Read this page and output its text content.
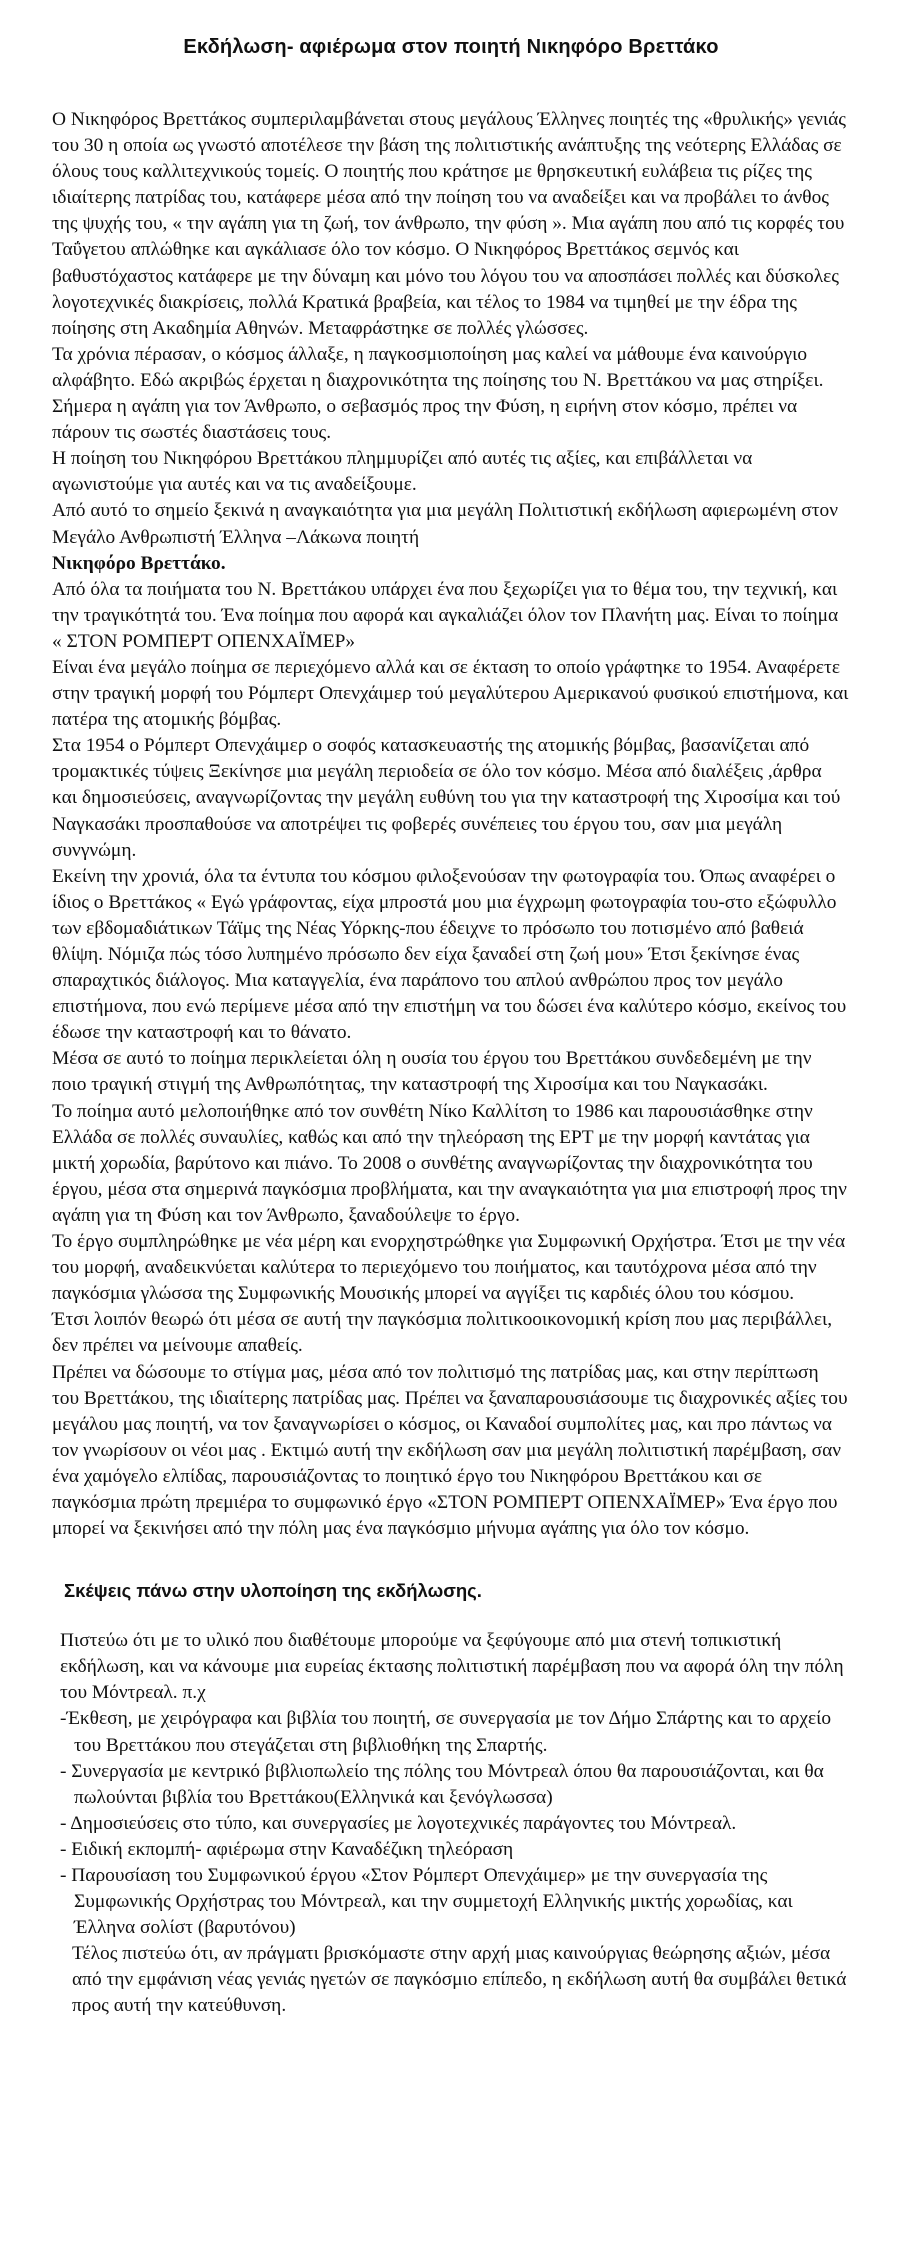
Εκδήλωση- αφιέρωμα στον ποιητή Νικηφόρο Βρεττάκο

Ο Νικηφόρος Βρεττάκος συμπεριλαμβάνεται στους μεγάλους Έλληνες ποιητές της «θρυλικής» γενιάς του 30 η οποία ως γνωστό αποτέλεσε την βάση της πολιτιστικής ανάπτυξης της νεότερης Ελλάδας σε όλους τους καλλιτεχνικούς τομείς. Ο ποιητής που κράτησε με θρησκευτική ευλάβεια τις ρίζες της ιδιαίτερης πατρίδας του, κατάφερε μέσα από την ποίηση του να αναδείξει και να προβάλει το άνθος της ψυχής του, « την αγάπη για τη ζωή, τον άνθρωπο, την φύση ». Μια αγάπη που από τις κορφές του Ταΰγετου απλώθηκε και αγκάλιασε όλο τον κόσμο. Ο Νικηφόρος Βρεττάκος σεμνός και βαθυστόχαστος κατάφερε με την δύναμη και μόνο του λόγου του να αποσπάσει πολλές και δύσκολες λογοτεχνικές διακρίσεις, πολλά Κρατικά βραβεία, και τέλος το 1984 να τιμηθεί με την έδρα της ποίησης στη Ακαδημία Αθηνών. Μεταφράστηκε σε πολλές γλώσσες.

Τα χρόνια πέρασαν, ο κόσμος άλλαξε, η παγκοσμιοποίηση μας καλεί να μάθουμε ένα καινούργιο αλφάβητο. Εδώ ακριβώς έρχεται η διαχρονικότητα της ποίησης του Ν. Βρεττάκου να μας στηρίξει. Σήμερα η αγάπη για τον Άνθρωπο, ο σεβασμός προς την Φύση, η ειρήνη στον κόσμο, πρέπει να πάρουν τις σωστές διαστάσεις τους.

Η ποίηση του Νικηφόρου Βρεττάκου πλημμυρίζει από αυτές τις αξίες, και επιβάλλεται να αγωνιστούμε για αυτές και να τις αναδείξουμε.

Από αυτό το σημείο ξεκινά η αναγκαιότητα για μια μεγάλη Πολιτιστική εκδήλωση αφιερωμένη στον Μεγάλο Ανθρωπιστή Έλληνα –Λάκωνα ποιητή

Νικηφόρο Βρεττάκο.

Από όλα τα ποιήματα του Ν. Βρεττάκου υπάρχει ένα που ξεχωρίζει για το θέμα του, την τεχνική, και την τραγικότητά του. Ένα ποίημα που αφορά και αγκαλιάζει όλον τον Πλανήτη μας. Είναι το ποίημα « ΣΤΟΝ ΡΟΜΠΕΡΤ ΟΠΕΝΧΑΪΜΕΡ»

Είναι ένα μεγάλο ποίημα σε περιεχόμενο αλλά και σε έκταση το οποίο γράφτηκε το 1954. Αναφέρετε στην τραγική μορφή του Ρόμπερτ Οπενχάιμερ τού μεγαλύτερου Αμερικανού φυσικού επιστήμονα, και πατέρα της ατομικής βόμβας.

Στα 1954 ο Ρόμπερτ Οπενχάιμερ ο σοφός κατασκευαστής της ατομικής βόμβας, βασανίζεται από τρομακτικές τύψεις Ξεκίνησε μια μεγάλη περιοδεία σε όλο τον κόσμο. Μέσα από διαλέξεις ,άρθρα και δημοσιεύσεις, αναγνωρίζοντας την μεγάλη ευθύνη του για την καταστροφή της Χιροσίμα και τού Ναγκασάκι προσπαθούσε να αποτρέψει τις φοβερές συνέπειες του έργου του, σαν μια μεγάλη συνγνώμη.

Εκείνη την χρονιά, όλα τα έντυπα του κόσμου φιλοξενούσαν την φωτογραφία του. Όπως αναφέρει ο ίδιος ο Βρεττάκος « Εγώ γράφοντας, είχα μπροστά μου μια έγχρωμη φωτογραφία του-στο εξώφυλλο των εβδομαδιάτικων Τάϊμς της Νέας Υόρκης-που έδειχνε το πρόσωπο του ποτισμένο από βαθειά θλίψη. Νόμιζα πώς τόσο λυπημένο πρόσωπο δεν είχα ξαναδεί στη ζωή μου» Έτσι ξεκίνησε ένας σπαραχτικός διάλογος. Μια καταγγελία, ένα παράπονο του απλού ανθρώπου προς τον μεγάλο επιστήμονα, που ενώ περίμενε μέσα από την επιστήμη να του δώσει ένα καλύτερο κόσμο, εκείνος του έδωσε την καταστροφή και το θάνατο.

Μέσα σε αυτό το ποίημα περικλείεται όλη η ουσία του έργου του Βρεττάκου συνδεδεμένη με την ποιο τραγική στιγμή της Ανθρωπότητας, την καταστροφή της Χιροσίμα και του Ναγκασάκι.

Το ποίημα αυτό μελοποιήθηκε από τον συνθέτη Νίκο Καλλίτση το 1986 και παρουσιάσθηκε στην Ελλάδα σε πολλές συναυλίες, καθώς και από την τηλεόραση της ΕΡΤ με την μορφή καντάτας για μικτή χορωδία, βαρύτονο και πιάνο. Το 2008 ο συνθέτης αναγνωρίζοντας την διαχρονικότητα του έργου, μέσα στα σημερινά παγκόσμια προβλήματα, και την αναγκαιότητα για μια επιστροφή προς την αγάπη για τη Φύση και τον Άνθρωπο, ξαναδούλεψε το έργο.

Το έργο συμπληρώθηκε με νέα μέρη και ενορχηστρώθηκε για Συμφωνική Ορχήστρα. Έτσι με την νέα του μορφή, αναδεικνύεται καλύτερα το περιεχόμενο του ποιήματος, και ταυτόχρονα μέσα από την παγκόσμια γλώσσα της Συμφωνικής Μουσικής μπορεί να αγγίξει τις καρδιές όλου του κόσμου.

Έτσι λοιπόν θεωρώ ότι μέσα σε αυτή την παγκόσμια πολιτικοοικονομική κρίση που μας περιβάλλει, δεν πρέπει να μείνουμε απαθείς.

Πρέπει να δώσουμε το στίγμα μας, μέσα από τον πολιτισμό της πατρίδας μας, και στην περίπτωση του Βρεττάκου, της ιδιαίτερης πατρίδας μας. Πρέπει να ξαναπαρουσιάσουμε τις διαχρονικές αξίες του μεγάλου μας ποιητή, να τον ξαναγνωρίσει ο κόσμος, οι Καναδοί συμπολίτες μας, και προ πάντως να τον γνωρίσουν οι νέοι μας . Εκτιμώ αυτή την εκδήλωση σαν μια μεγάλη πολιτιστική παρέμβαση, σαν ένα χαμόγελο ελπίδας, παρουσιάζοντας το ποιητικό έργο του Νικηφόρου Βρεττάκου και σε παγκόσμια πρώτη πρεμιέρα το συμφωνικό έργο «ΣΤΟΝ ΡΟΜΠΕΡΤ ΟΠΕΝΧΑΪΜΕΡ» Ένα έργο που μπορεί να ξεκινήσει από την πόλη μας ένα παγκόσμιο μήνυμα αγάπης για όλο τον κόσμο.

Σκέψεις πάνω στην υλοποίηση της εκδήλωσης.

Πιστεύω ότι με το υλικό που διαθέτουμε μπορούμε να ξεφύγουμε από μια στενή τοπικιστική εκδήλωση, και να κάνουμε μια ευρείας έκτασης πολιτιστική παρέμβαση που να αφορά όλη την πόλη του Μόντρεαλ. π.χ

-Έκθεση, με χειρόγραφα και βιβλία του ποιητή, σε συνεργασία με τον Δήμο Σπάρτης και το αρχείο του Βρεττάκου που στεγάζεται στη βιβλιοθήκη της Σπαρτής.
- Συνεργασία με κεντρικό βιβλιοπωλείο της πόλης του Μόντρεαλ όπου θα παρουσιάζονται, και θα πωλούνται βιβλία του Βρεττάκου(Ελληνικά και ξενόγλωσσα)
- Δημοσιεύσεις στο τύπο, και συνεργασίες με λογοτεχνικές παράγοντες του Μόντρεαλ.
- Ειδική εκπομπή- αφιέρωμα στην Καναδέζικη τηλεόραση
- Παρουσίαση του Συμφωνικού έργου «Στον Ρόμπερτ Οπενχάιμερ» με την συνεργασία της Συμφωνικής Ορχήστρας του Μόντρεαλ, και την συμμετοχή Ελληνικής μικτής χορωδίας, και Έλληνα σολίστ (βαρυτόνου)

Τέλος πιστεύω ότι, αν πράγματι βρισκόμαστε στην αρχή μιας καινούργιας θεώρησης αξιών, μέσα από την εμφάνιση νέας γενιάς ηγετών σε παγκόσμιο επίπεδο, η εκδήλωση αυτή θα συμβάλει θετικά προς αυτή την κατεύθυνση.
